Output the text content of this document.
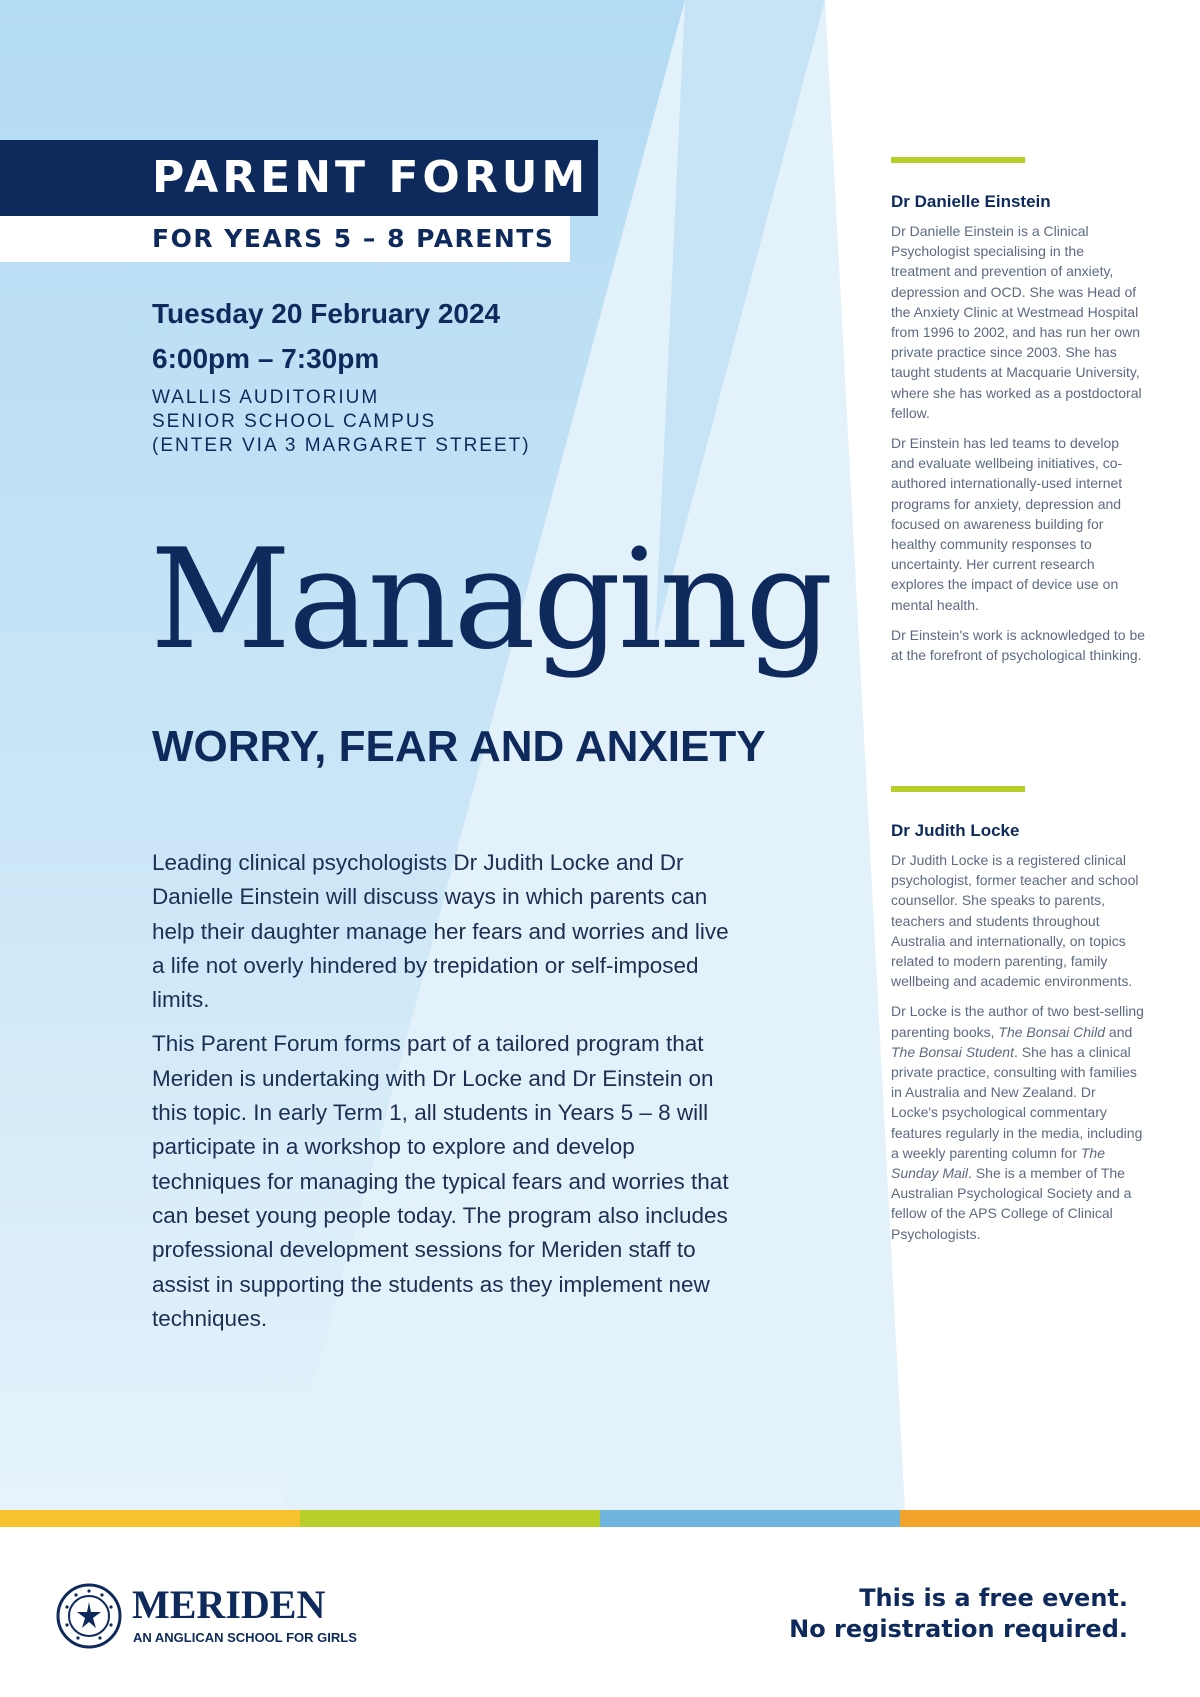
PARENT FORUM
FOR YEARS 5 – 8 PARENTS
Tuesday 20 February 2024
6:00pm – 7:30pm
WALLIS AUDITORIUM
SENIOR SCHOOL CAMPUS
(ENTER VIA 3 MARGARET STREET)
Managing
WORRY, FEAR AND ANXIETY

Leading clinical psychologists Dr Judith Locke and Dr Danielle Einstein will discuss ways in which parents can help their daughter manage her fears and worries and live a life not overly hindered by trepidation or self-imposed limits.

This Parent Forum forms part of a tailored program that Meriden is undertaking with Dr Locke and Dr Einstein on this topic. In early Term 1, all students in Years 5 – 8 will participate in a workshop to explore and develop techniques for managing the typical fears and worries that can beset young people today. The program also includes professional development sessions for Meriden staff to assist in supporting the students as they implement new techniques.

Dr Danielle Einstein

Dr Danielle Einstein is a Clinical Psychologist specialising in the treatment and prevention of anxiety, depression and OCD. She was Head of the Anxiety Clinic at Westmead Hospital from 1996 to 2002, and has run her own private practice since 2003. She has taught students at Macquarie University, where she has worked as a postdoctoral fellow.

Dr Einstein has led teams to develop and evaluate wellbeing initiatives, co-authored internationally-used internet programs for anxiety, depression and focused on awareness building for healthy community responses to uncertainty. Her current research explores the impact of device use on mental health.

Dr Einstein's work is acknowledged to be at the forefront of psychological thinking.

Dr Judith Locke

Dr Judith Locke is a registered clinical psychologist, former teacher and school counsellor. She speaks to parents, teachers and students throughout Australia and internationally, on topics related to modern parenting, family wellbeing and academic environments.

Dr Locke is the author of two best-selling parenting books, The Bonsai Child and The Bonsai Student. She has a clinical private practice, consulting with families in Australia and New Zealand. Dr Locke's psychological commentary features regularly in the media, including a weekly parenting column for The Sunday Mail. She is a member of The Australian Psychological Society and a fellow of the APS College of Clinical Psychologists.

MERIDEN
AN ANGLICAN SCHOOL FOR GIRLS
This is a free event.
No registration required.
